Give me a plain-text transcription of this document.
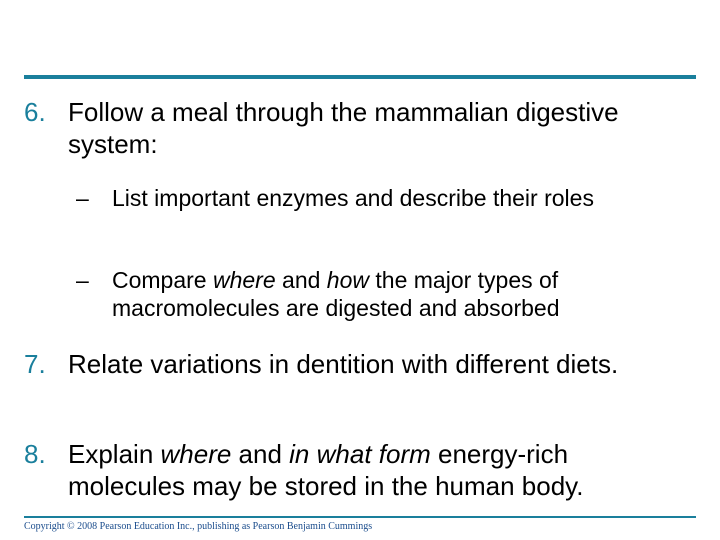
6. Follow a meal through the mammalian digestive system:
– List important enzymes and describe their roles
– Compare where and how the major types of macromolecules are digested and absorbed
7. Relate variations in dentition with different diets.
8. Explain where and in what form energy-rich molecules may be stored in the human body.
Copyright © 2008 Pearson Education Inc., publishing as Pearson Benjamin Cummings
